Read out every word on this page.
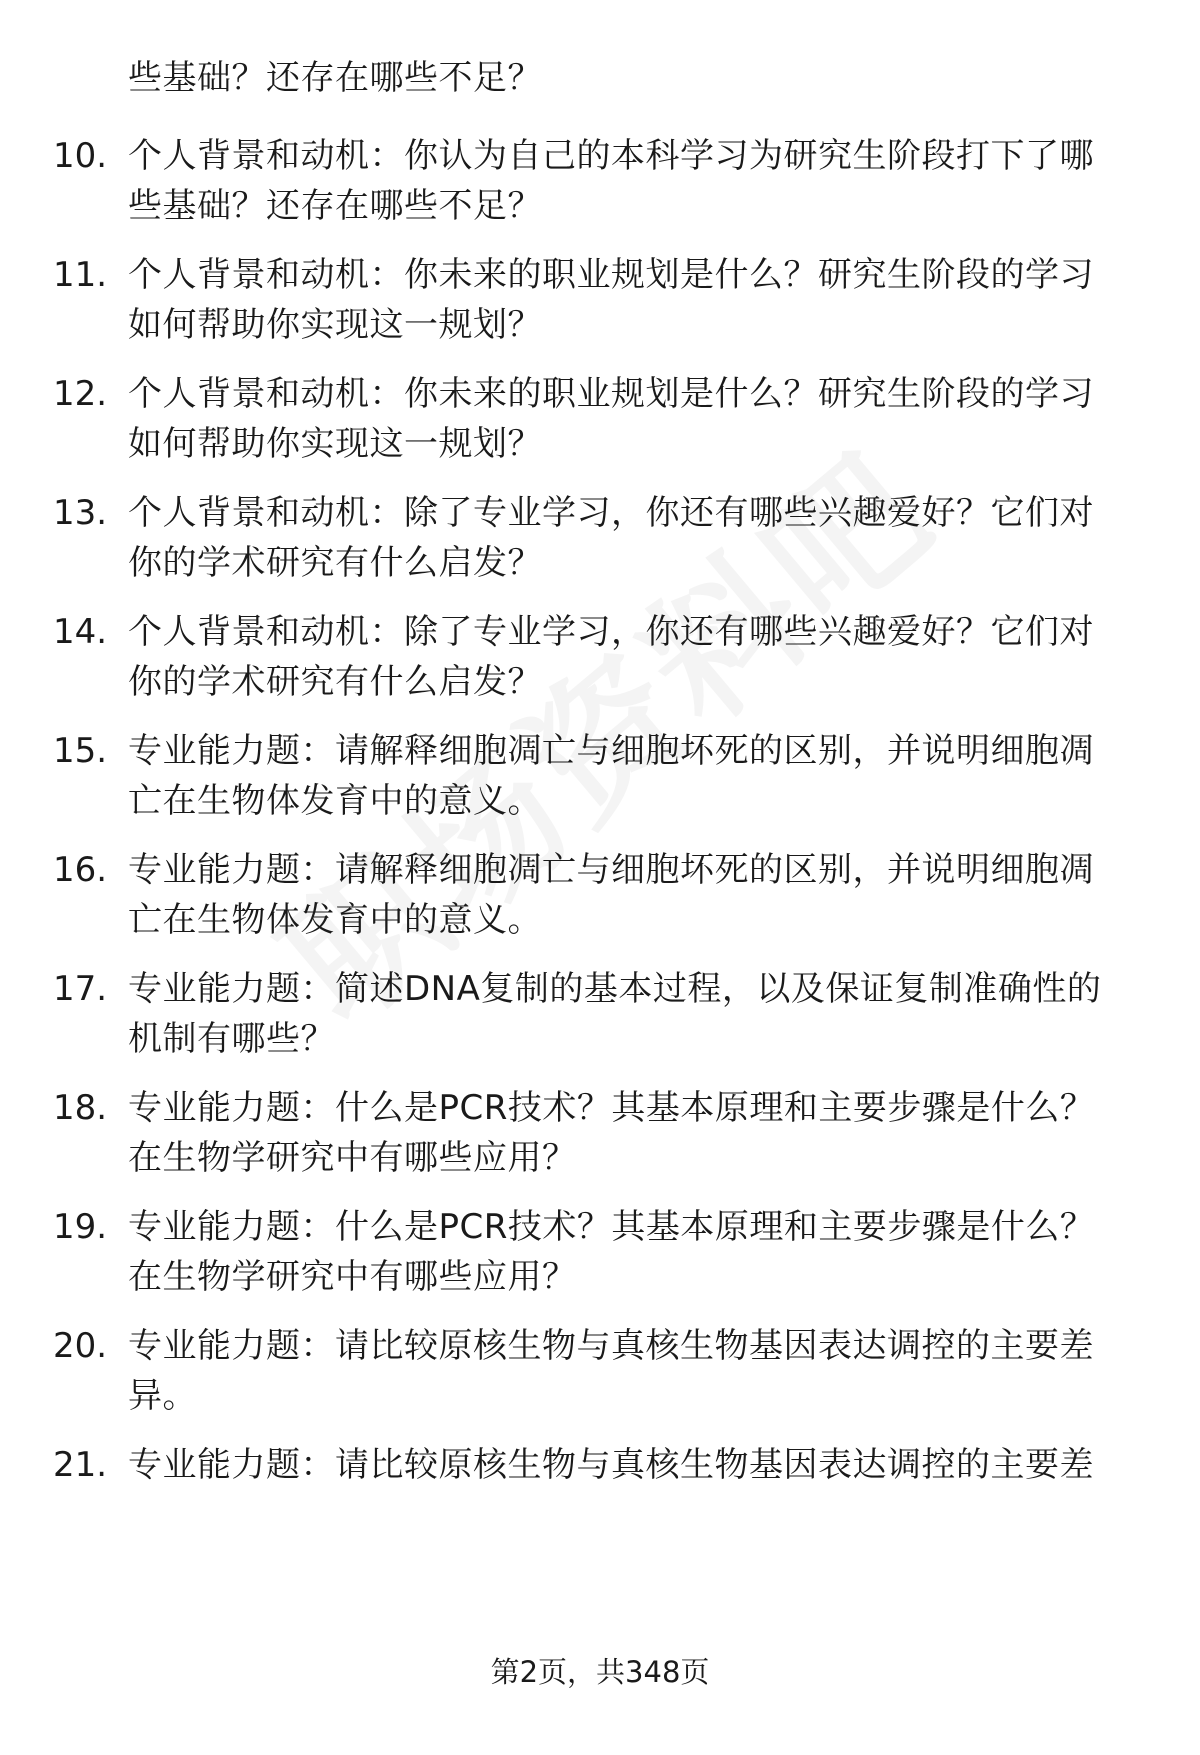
些基础？还存在哪些不足？
10. 个人背景和动机：你认为自己的本科学习为研究生阶段打下了哪
些基础？还存在哪些不足？
11. 个人背景和动机：你未来的职业规划是什么？研究生阶段的学习
如何帮助你实现这一规划？
12. 个人背景和动机：你未来的职业规划是什么？研究生阶段的学习
如何帮助你实现这一规划？
13. 个人背景和动机：除了专业学习，你还有哪些兴趣爱好？它们对
你的学术研究有什么启发？
14. 个人背景和动机：除了专业学习，你还有哪些兴趣爱好？它们对
你的学术研究有什么启发？
15. 专业能力题：请解释细胞凋亡与细胞坏死的区别，并说明细胞凋
亡在生物体发育中的意义。
16. 专业能力题：请解释细胞凋亡与细胞坏死的区别，并说明细胞凋
亡在生物体发育中的意义。
17. 专业能力题：简述DNA复制的基本过程，以及保证复制准确性的
机制有哪些？
18. 专业能力题：什么是PCR技术？其基本原理和主要步骤是什么？
在生物学研究中有哪些应用？
19. 专业能力题：什么是PCR技术？其基本原理和主要步骤是什么？
在生物学研究中有哪些应用？
20. 专业能力题：请比较原核生物与真核生物基因表达调控的主要差
异。
21. 专业能力题：请比较原核生物与真核生物基因表达调控的主要差
第2页，共348页
